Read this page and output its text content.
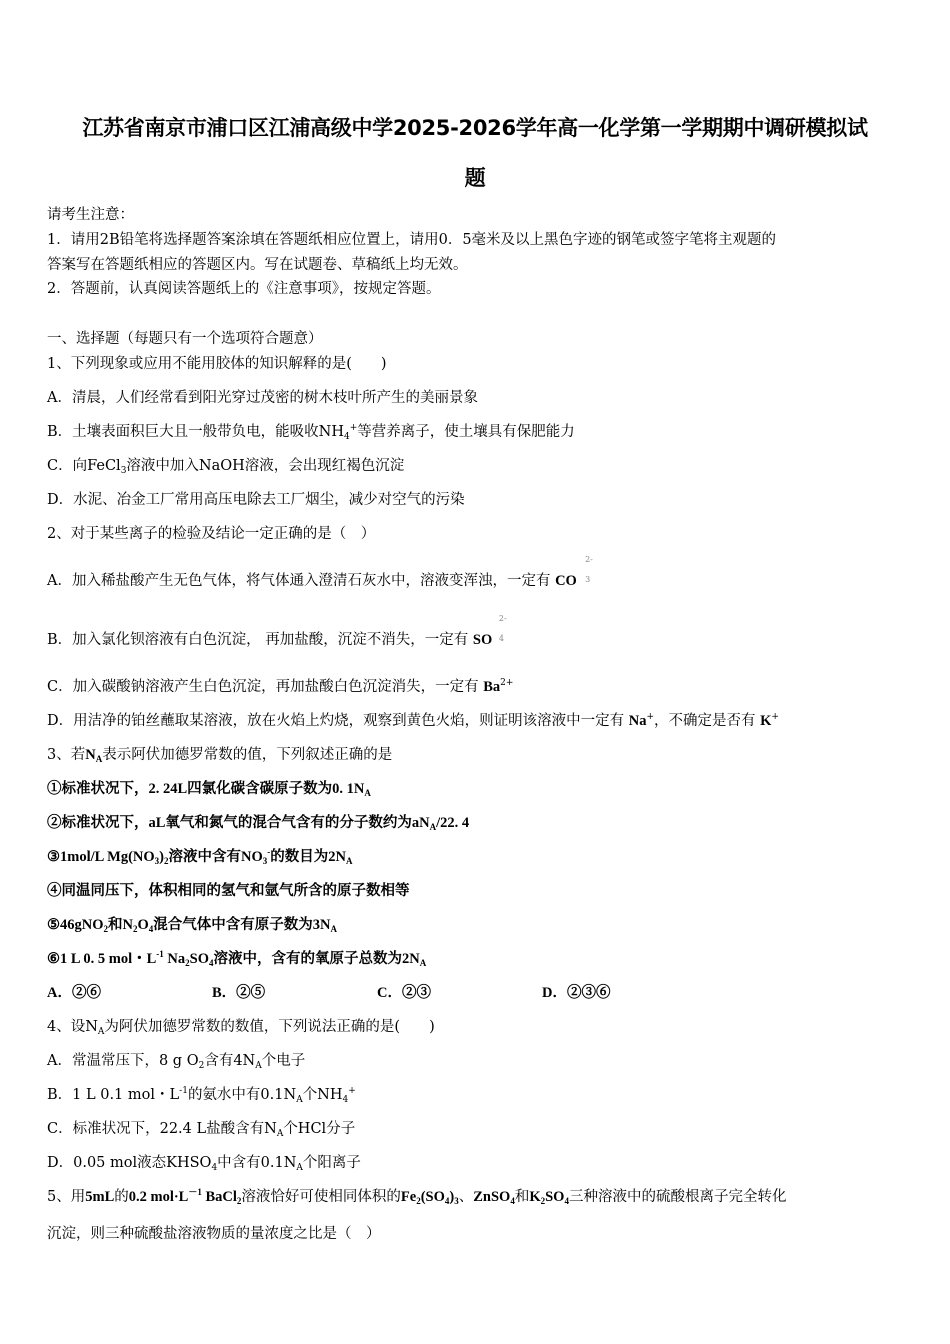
江苏省南京市浦口区江浦高级中学2025-2026学年高一化学第一学期期中调研模拟试
题
请考生注意：
1．请用2B铅笔将选择题答案涂填在答题纸相应位置上，请用0．5毫米及以上黑色字迹的钢笔或签字笔将主观题的
答案写在答题纸相应的答题区内。写在试题卷、草稿纸上均无效。
2．答题前，认真阅读答题纸上的《注意事项》，按规定答题。
一、选择题（每题只有一个选项符合题意）
1、下列现象或应用不能用胶体的知识解释的是(　　)
A．清晨，人们经常看到阳光穿过茂密的树木枝叶所产生的美丽景象
B．土壤表面积巨大且一般带负电，能吸收$NH_4^+$等营养离子，使土壤具有保肥能力
C．向FeCl$_3$溶液中加入NaOH溶液，会出现红褐色沉淀
D．水泥、冶金工厂常用高压电除去工厂烟尘，减少对空气的污染
2、对于某些离子的检验及结论一定正确的是（　）
A．加入稀盐酸产生无色气体，将气体通入澄清石灰水中，溶液变浑浊，一定有 CO
2-
3
B．加入氯化钡溶液有白色沉淀， 再加盐酸，沉淀不消失，一定有 SO
2-
4
C．加入碳酸钠溶液产生白色沉淀，再加盐酸白色沉淀消失，一定有 $Ba^{2+}$
D．用洁净的铂丝蘸取某溶液，放在火焰上灼烧，观察到黄色火焰，则证明该溶液中一定有 Na+，不确定是否有 K+
3、若$N_A$表示阿伏加德罗常数的值，下列叙述正确的是
①标准状况下，2. 24L四氯化碳含碳原子数为0. $1N_A$
②标准状况下，aL氧气和氮气的混合气含有的分子数约为$aN_A/22$. 4
③1mol/L $Mg(NO_3)_2$溶液中含有$NO_3^-$的数目为$2N_A$
④同温同压下，体积相同的氢气和氩气所含的原子数相等
⑤46gNO$_2$和$N_2O_4$混合气体中含有原子数为$3N_A$
⑥1 L 0. 5 mol・$L^{-1}$ $Na_2SO_4$溶液中，含有的氧原子总数为$2N_A$
A．②⑥	B．②⑤	C．②③	D．②③⑥
4、设$N_A$为阿伏加德罗常数的数值，下列说法正确的是(　　)
A．常温常压下，8 g $O_2$含有$4N_A$个电子
B．1 L 0.1 mol・$L^{-1}$的氨水中有$0.1N_A$个$NH_4^+$
C．标准状况下，22.4 L盐酸含有$N_A$个HCl分子
D．0.05 mol液态$KHSO_4$中含有$0.1N_A$个阳离子
5、用5mL的0.2 $mol\cdot L^{-1}$ BaCl$_2$溶液恰好可使相同体积的$Fe_2(SO_4)_3$、ZnSO$_4$和$K_2SO_4$三种溶液中的硫酸根离子完全转化
沉淀，则三种硫酸盐溶液物质的量浓度之比是（　）
